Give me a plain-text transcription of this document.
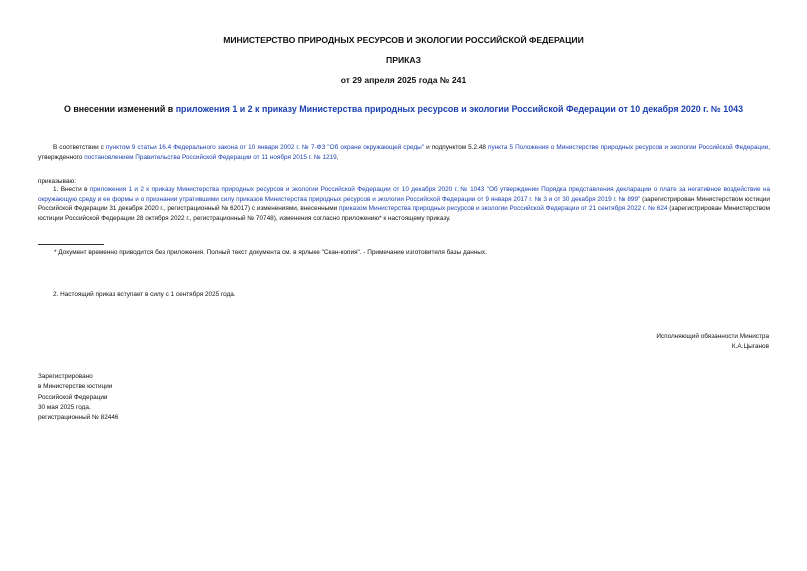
МИНИСТЕРСТВО ПРИРОДНЫХ РЕСУРСОВ И ЭКОЛОГИИ РОССИЙСКОЙ ФЕДЕРАЦИИ
ПРИКАЗ
от 29 апреля 2025 года № 241
О внесении изменений в приложения 1 и 2 к приказу Министерства природных ресурсов и экологии Российской Федерации от 10 декабря 2020 г. № 1043
В соответствии с пунктом 9 статьи 16.4 Федерального закона от 10 января 2002 г. № 7-ФЗ "Об охране окружающей среды" и подпунктом 5.2.48 пункта 5 Положения о Министерстве природных ресурсов и экологии Российской Федерации, утвержденного постановлением Правительства Российской Федерации от 11 ноября 2015 г. № 1219,
приказываю:
1. Внести в приложения 1 и 2 к приказу Министерства природных ресурсов и экологии Российской Федерации от 10 декабря 2020 г. № 1043 "Об утверждении Порядка представления декларации о плате за негативное воздействие на окружающую среду и ее формы и о признании утратившими силу приказов Министерства природных ресурсов и экологии Российской Федерации от 9 января 2017 г. № 3 и от 30 декабря 2019 г. № 899" (зарегистрирован Министерством юстиции Российской Федерации 31 декабря 2020 г., регистрационный № 62017) с изменениями, внесенными приказом Министерства природных ресурсов и экологии Российской Федерации от 21 сентября 2022 г. № 624 (зарегистрирован Министерством юстиции Российской Федерации 28 октября 2022 г., регистрационный № 70748), изменения согласно приложению* к настоящему приказу.
* Документ временно приводится без приложения. Полный текст документа см. в ярлыке "Скан-копия". - Примечание изготовителя базы данных.
2. Настоящий приказ вступает в силу с 1 сентября 2025 года.
Исполняющий обязанности Министра
К.А.Цыганов
Зарегистрировано
в Министерстве юстиции
Российской Федерации
30 мая 2025 года,
регистрационный № 82446
